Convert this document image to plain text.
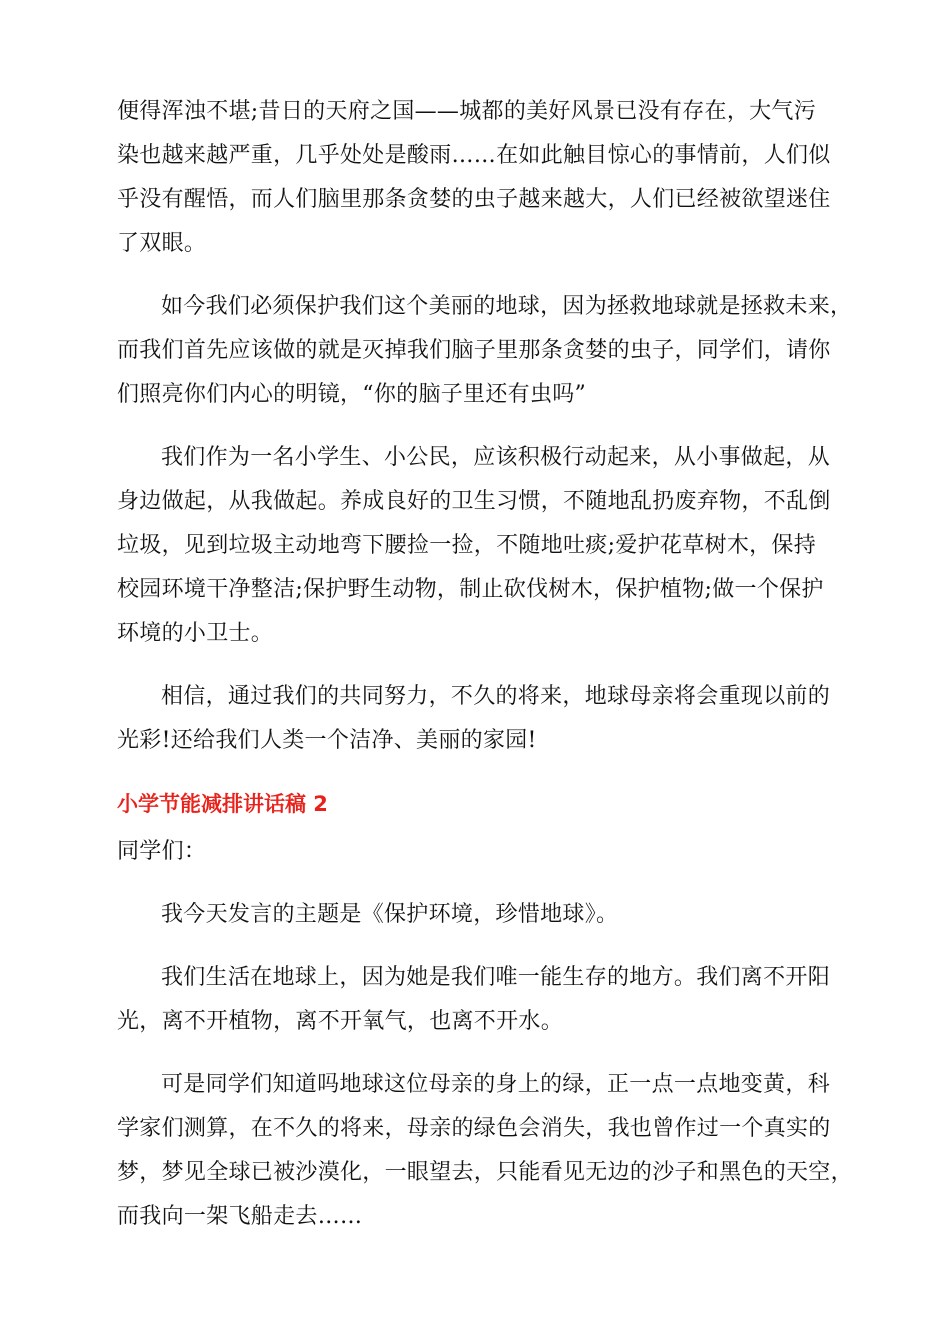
便得浑浊不堪;昔日的天府之国——城都的美好风景已没有存在，大气污
染也越来越严重，几乎处处是酸雨……在如此触目惊心的事情前，人们似
乎没有醒悟，而人们脑里那条贪婪的虫子越来越大，人们已经被欲望迷住
了双眼。

如今我们必须保护我们这个美丽的地球，因为拯救地球就是拯救未来，
而我们首先应该做的就是灭掉我们脑子里那条贪婪的虫子，同学们，请你
们照亮你们内心的明镜，“你的脑子里还有虫吗”

我们作为一名小学生、小公民，应该积极行动起来，从小事做起，从
身边做起，从我做起。养成良好的卫生习惯，不随地乱扔废弃物，不乱倒
垃圾，见到垃圾主动地弯下腰捡一捡，不随地吐痰;爱护花草树木，保持
校园环境干净整洁;保护野生动物，制止砍伐树木，保护植物;做一个保护
环境的小卫士。

相信，通过我们的共同努力，不久的将来，地球母亲将会重现以前的
光彩!还给我们人类一个洁净、美丽的家园!

小学节能减排讲话稿 2

同学们：

我今天发言的主题是《保护环境，珍惜地球》。

我们生活在地球上，因为她是我们唯一能生存的地方。我们离不开阳
光，离不开植物，离不开氧气，也离不开水。

可是同学们知道吗地球这位母亲的身上的绿，正一点一点地变黄，科
学家们测算，在不久的将来，母亲的绿色会消失，我也曾作过一个真实的
梦，梦见全球已被沙漠化，一眼望去，只能看见无边的沙子和黑色的天空，
而我向一架飞船走去……
